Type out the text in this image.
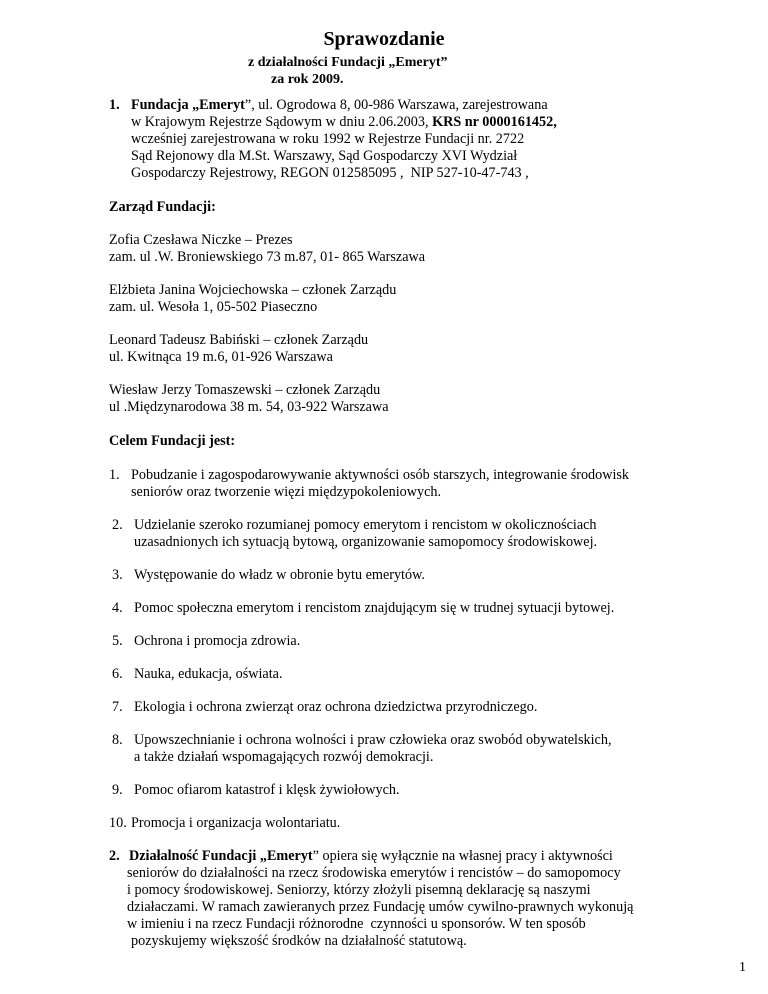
Sprawozdanie
z działalności Fundacji „Emeryt”
za rok 2009.
1. Fundacja „Emeryt”, ul. Ogrodowa 8, 00-986 Warszawa, zarejestrowana
w Krajowym Rejestrze Sądowym w dniu 2.06.2003, KRS nr 0000161452,
wcześniej zarejestrowana w roku 1992 w Rejestrze Fundacji nr. 2722
Sąd Rejonowy dla M.St. Warszawy, Sąd Gospodarczy XVI Wydział
Gospodarczy Rejestrowy, REGON 012585095 ,  NIP 527-10-47-743 ,
Zarząd Fundacji:
Zofia Czesława Niczke – Prezes
zam. ul .W. Broniewskiego 73 m.87, 01- 865 Warszawa
Elżbieta Janina Wojciechowska – członek Zarządu
zam. ul. Wesoła 1, 05-502 Piaseczno
Leonard Tadeusz Babiński – członek Zarządu
ul. Kwitnąca 19 m.6, 01-926 Warszawa
Wiesław Jerzy Tomaszewski – członek Zarządu
ul .Międzynarodowa 38 m. 54, 03-922 Warszawa
Celem Fundacji jest:
1. Pobudzanie i zagospodarowywanie aktywności osób starszych, integrowanie środowisk
seniorów oraz tworzenie więzi międzypokoleniowych.
2. Udzielanie szeroko rozumianej pomocy emerytom i rencistom w okolicznościach
uzasadnionych ich sytuacją bytową, organizowanie samopomocy środowiskowej.
3. Występowanie do władz w obronie bytu emerytów.
4. Pomoc społeczna emerytom i rencistom znajdującym się w trudnej sytuacji bytowej.
5. Ochrona i promocja zdrowia.
6. Nauka, edukacja, oświata.
7. Ekologia i ochrona zwierząt oraz ochrona dziedzictwa przyrodniczego.
8. Upowszechnianie i ochrona wolności i praw człowieka oraz swobód obywatelskich,
a także działań wspomagających rozwój demokracji.
9. Pomoc ofiarom katastrof i klęsk żywiołowych.
10. Promocja i organizacja wolontariatu.
2. Działalność Fundacji „Emeryt” opiera się wyłącznie na własnej pracy i aktywności
seniorów do działalności na rzecz środowiska emerytów i rencistów – do samopomocy
i pomocy środowiskowej. Seniorzy, którzy złożyli pisemną deklarację są naszymi
działaczami. W ramach zawieranych przez Fundację umów cywilno-prawnych wykonują
w imieniu i na rzecz Fundacji różnorodne  czynności u sponsorów. W ten sposób
pozyskujemy większość środków na działalność statutową.
1
